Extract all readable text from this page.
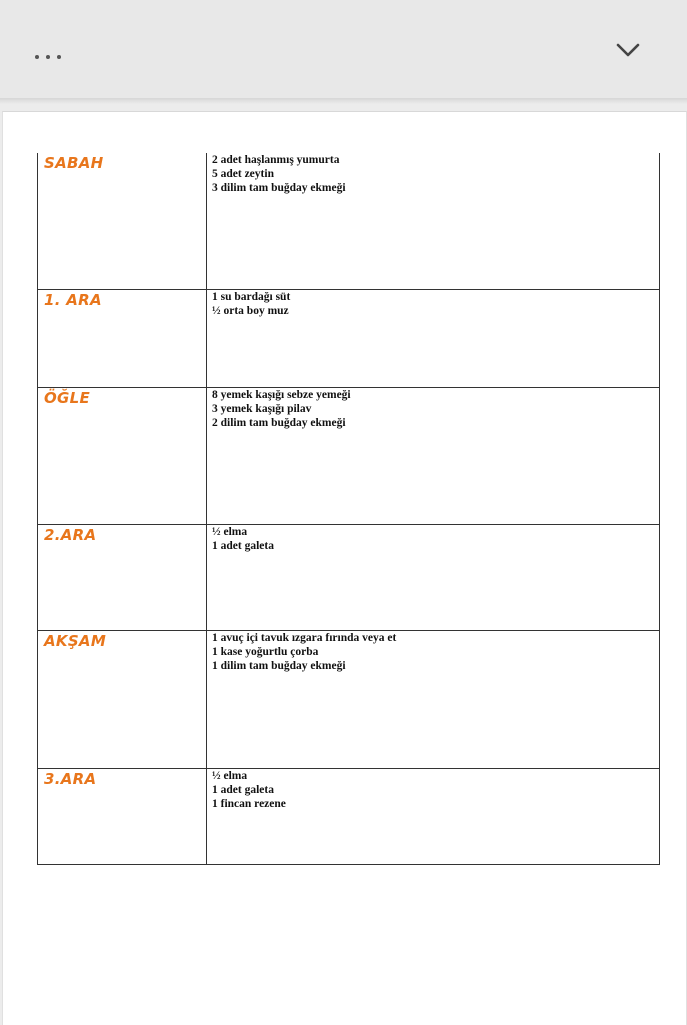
SABAH	2 adet haşlanmış yumurta
5 adet zeytin
3 dilim tam buğday ekmeği

1. ARA	1 su bardağı süt
½ orta boy muz

ÖĞLE	8 yemek kaşığı sebze yemeği
3 yemek kaşığı pilav
2 dilim tam buğday ekmeği

2.ARA	½ elma
1 adet galeta

AKŞAM	1 avuç içi tavuk ızgara fırında veya et
1 kase yoğurtlu çorba
1 dilim tam buğday ekmeği

3.ARA	½ elma
1 adet galeta
1 fincan rezene
